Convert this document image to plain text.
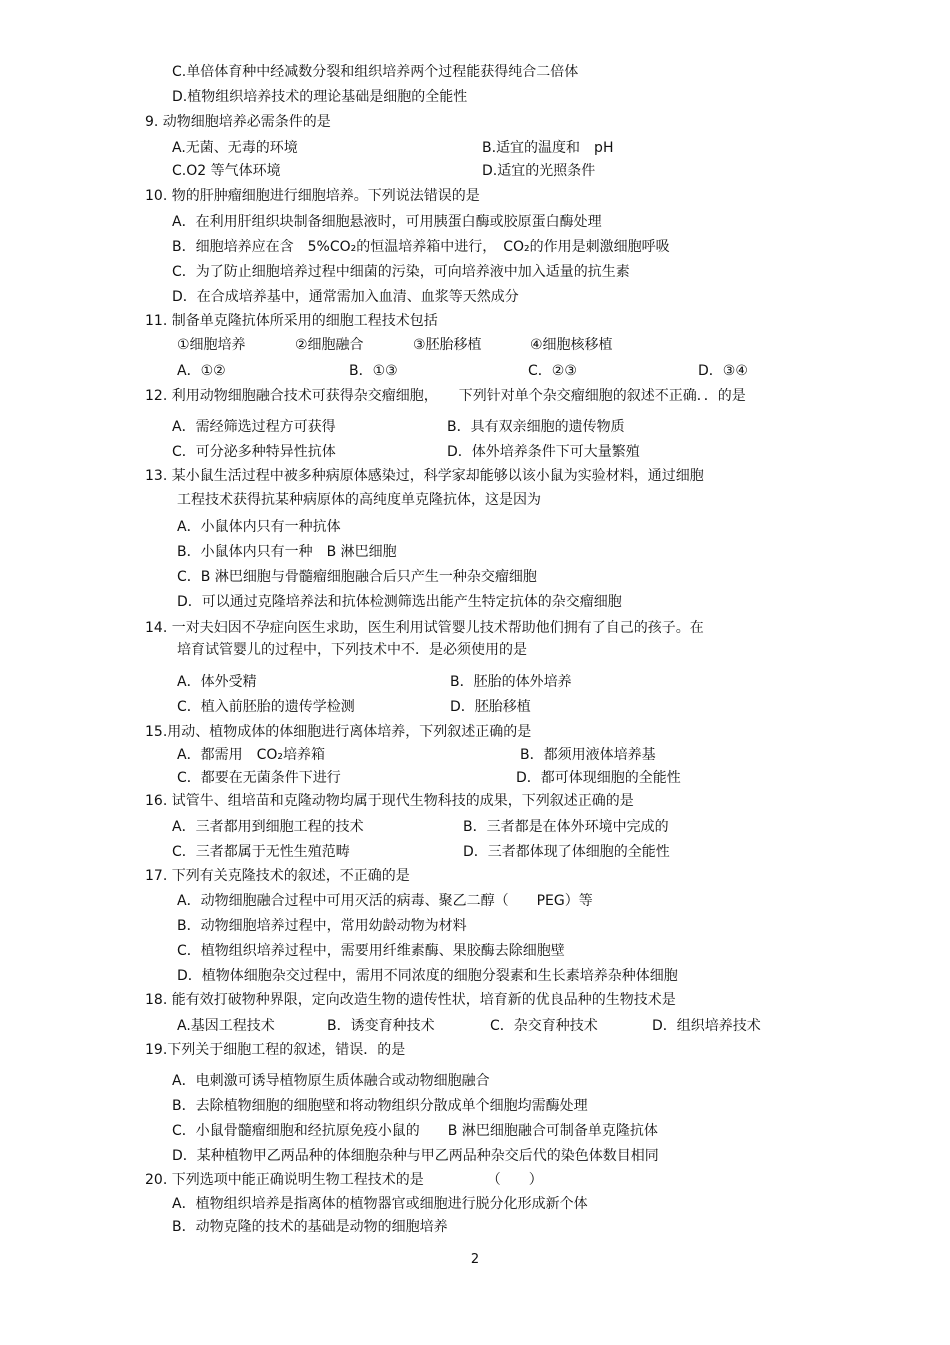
C.单倍体育种中经减数分裂和组织培养两个过程能获得纯合二倍体
D.植物组织培养技术的理论基础是细胞的全能性
9. 动物细胞培养必需条件的是
A.无菌、无毒的环境	B.适宜的温度和　pH
C.O2 等气体环境	D.适宜的光照条件
10. 物的肝肿瘤细胞进行细胞培养。下列说法错误的是
A．在利用肝组织块制备细胞悬液时，可用胰蛋白酶或胶原蛋白酶处理
B．细胞培养应在含　5%CO₂的恒温培养箱中进行，　CO₂的作用是刺激细胞呼吸
C．为了防止细胞培养过程中细菌的污染，可向培养液中加入适量的抗生素
D．在合成培养基中，通常需加入血清、血浆等天然成分
11. 制备单克隆抗体所采用的细胞工程技术包括
①细胞培养	②细胞融合	③胚胎移植	④细胞核移植
A．①②	B．①③	C．②③	D．③④
12. 利用动物细胞融合技术可获得杂交瘤细胞，　　下列针对单个杂交瘤细胞的叙述不正确．．的是
A．需经筛选过程方可获得	B．具有双亲细胞的遗传物质
C．可分泌多种特异性抗体	D．体外培养条件下可大量繁殖
13. 某小鼠生活过程中被多种病原体感染过，科学家却能够以该小鼠为实验材料，通过细胞
工程技术获得抗某种病原体的高纯度单克隆抗体，这是因为
A．小鼠体内只有一种抗体
B．小鼠体内只有一种　B 淋巴细胞
C．B 淋巴细胞与骨髓瘤细胞融合后只产生一种杂交瘤细胞
D．可以通过克隆培养法和抗体检测筛选出能产生特定抗体的杂交瘤细胞
14. 一对夫妇因不孕症向医生求助，医生利用试管婴儿技术帮助他们拥有了自己的孩子。在
培育试管婴儿的过程中，下列技术中不．是必须使用的是
A．体外受精	B．胚胎的体外培养
C．植入前胚胎的遗传学检测	D．胚胎移植
15.用动、植物成体的体细胞进行离体培养，下列叙述正确的是
A．都需用　CO₂培养箱	B．都须用液体培养基
C．都要在无菌条件下进行	D．都可体现细胞的全能性
16. 试管牛、组培苗和克隆动物均属于现代生物科技的成果，下列叙述正确的是
A．三者都用到细胞工程的技术	B．三者都是在体外环境中完成的
C．三者都属于无性生殖范畴	D．三者都体现了体细胞的全能性
17. 下列有关克隆技术的叙述，不正确的是
A．动物细胞融合过程中可用灭活的病毒、聚乙二醇（　　PEG）等
B．动物细胞培养过程中，常用幼龄动物为材料
C．植物组织培养过程中，需要用纤维素酶、果胶酶去除细胞壁
D．植物体细胞杂交过程中，需用不同浓度的细胞分裂素和生长素培养杂种体细胞
18. 能有效打破物种界限，定向改造生物的遗传性状，培育新的优良品种的生物技术是
A.基因工程技术	B．诱变育种技术	C．杂交育种技术	D．组织培养技术
19.下列关于细胞工程的叙述，错误．的是
A．电刺激可诱导植物原生质体融合或动物细胞融合
B．去除植物细胞的细胞壁和将动物组织分散成单个细胞均需酶处理
C．小鼠骨髓瘤细胞和经抗原免疫小鼠的　　B 淋巴细胞融合可制备单克隆抗体
D．某种植物甲乙两品种的体细胞杂种与甲乙两品种杂交后代的染色体数目相同
20. 下列选项中能正确说明生物工程技术的是　　　　　（　　）
A．植物组织培养是指离体的植物器官或细胞进行脱分化形成新个体
B．动物克隆的技术的基础是动物的细胞培养
2
